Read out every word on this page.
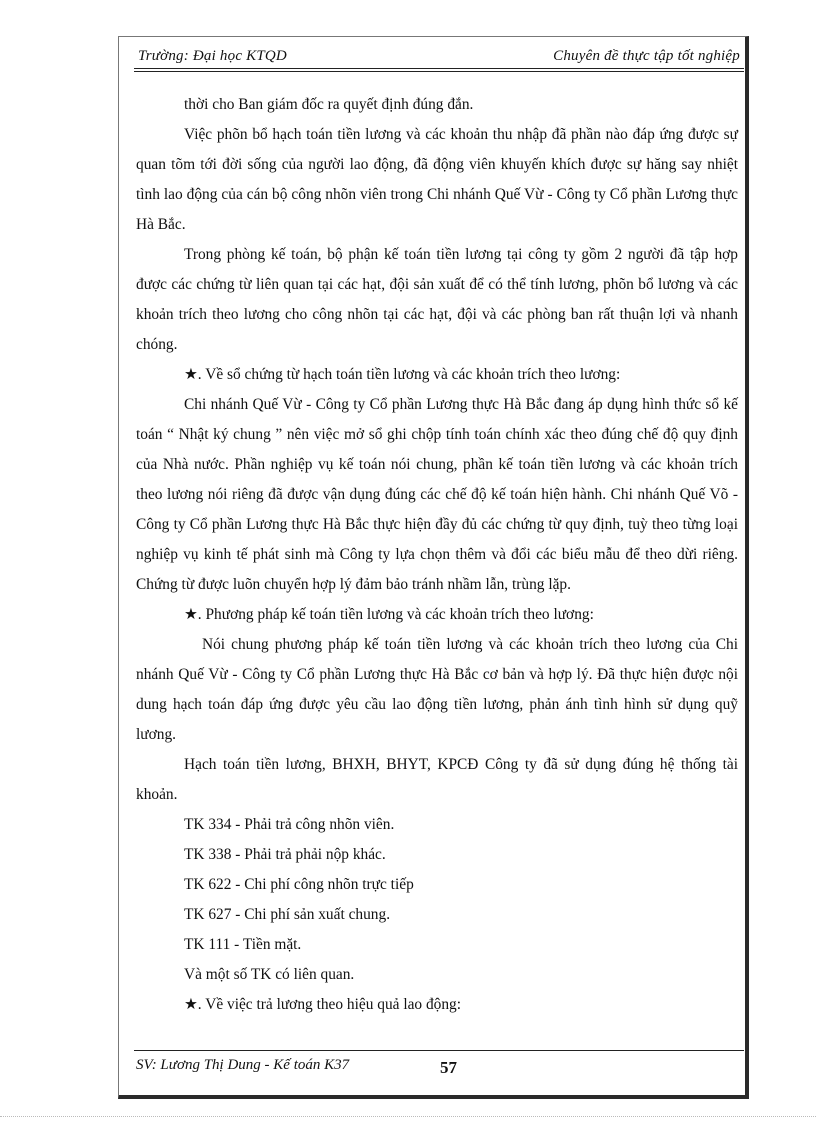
Trường: Đại học KTQD	Chuyên đề thực tập tốt nghiệp

thời cho Ban giám đốc ra quyết định đúng đắn.

Việc phõn bổ hạch toán tiền lương và các khoản thu nhập đã phần nào đáp ứng được sự quan tõm tới đời sống của người lao động, đã động viên khuyến khích được sự hăng say nhiệt tình lao động của cán bộ công nhõn viên trong Chi nhánh Quế Vừ - Công ty Cổ phần Lương thực Hà Bắc.

Trong phòng kế toán, bộ phận kế toán tiền lương tại công ty gồm 2 người đã tập hợp được các chứng từ liên quan tại các hạt, đội sản xuất để có thể tính lương, phõn bổ lương và các khoản trích theo lương cho công nhõn tại các hạt, đội và các phòng ban rất thuận lợi và nhanh chóng.

★. Về sổ chứng từ hạch toán tiền lương và các khoản trích theo lương:

Chi nhánh Quế Vừ - Công ty Cổ phần Lương thực Hà Bắc đang áp dụng hình thức sổ kế toán “ Nhật ký chung ” nên việc mở sổ ghi chộp tính toán chính xác theo đúng chế độ quy định của Nhà nước. Phần nghiệp vụ kế toán nói chung, phần kế toán tiền lương và các khoản trích theo lương nói riêng đã được vận dụng đúng các chế độ kế toán hiện hành. Chi nhánh Quế Võ - Công ty Cổ phần Lương thực Hà Bắc thực hiện đầy đủ các chứng từ quy định, tuỳ theo từng loại nghiệp vụ kinh tế phát sinh mà Công ty lựa chọn thêm và đổi các biểu mẫu để theo dừi riêng. Chứng từ được luõn chuyển hợp lý đảm bảo tránh nhầm lẫn, trùng lặp.

★. Phương pháp kế toán tiền lương và các khoản trích theo lương:

Nói chung phương pháp kế toán tiền lương và các khoản trích theo lương của Chi nhánh Quế Vừ - Công ty Cổ phần Lương thực Hà Bắc cơ bản và hợp lý. Đã thực hiện được nội dung hạch toán đáp ứng được yêu cầu lao động tiền lương, phản ánh tình hình sử dụng quỹ lương.

Hạch toán tiền lương, BHXH, BHYT, KPCĐ Công ty đã sử dụng đúng hệ thống tài khoản.

TK 334 - Phải trả công nhõn viên.

TK 338 - Phải trả phải nộp khác.

TK 622 - Chi phí công nhõn trực tiếp

TK 627 - Chi phí sản xuất chung.

TK 111 - Tiền mặt.

Và một số TK có liên quan.

★. Về việc trả lương theo hiệu quả lao động:

SV: Lương Thị Dung - Kế toán K37	57
